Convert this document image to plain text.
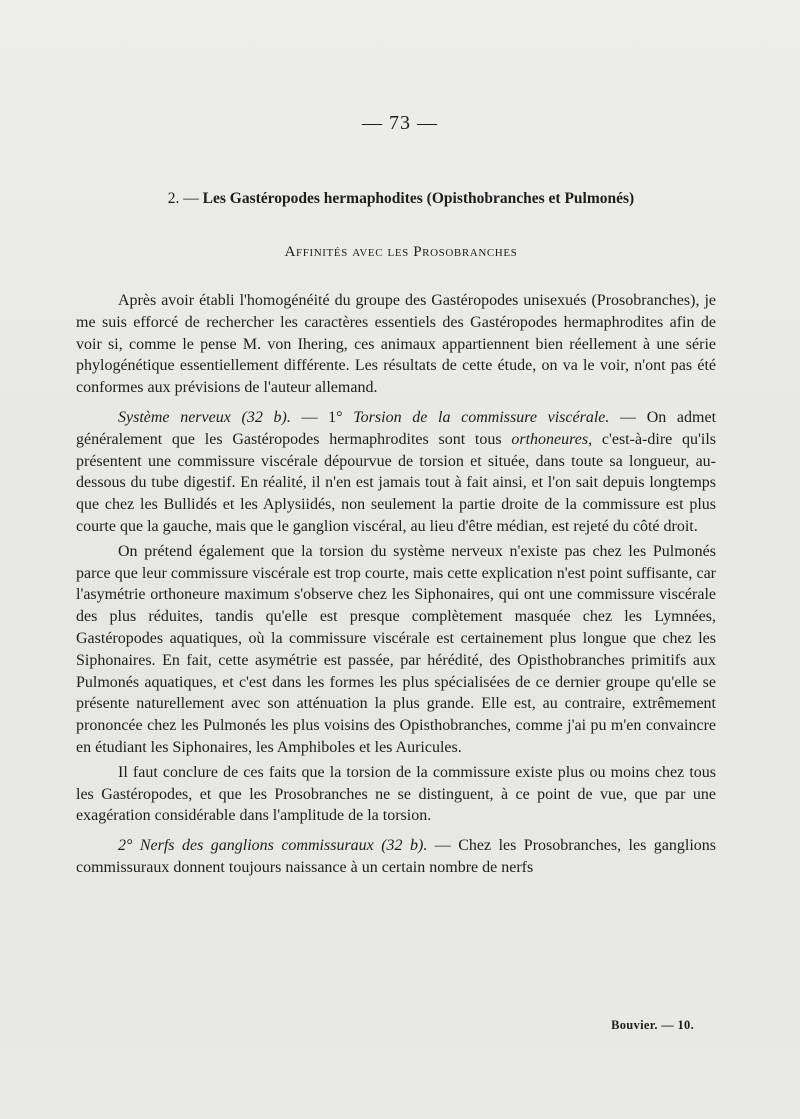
— 73 —
2. — Les Gastéropodes hermaphodites (Opisthobranches et Pulmonés)
Affinités avec les Prosobranches

Après avoir établi l'homogénéité du groupe des Gastéropodes unisexués (Prosobranches), je me suis efforcé de rechercher les caractères essentiels des Gastéropodes hermaphrodites afin de voir si, comme le pense M. von Ihering, ces animaux appartiennent bien réellement à une série phylogénétique essentiellement différente. Les résultats de cette étude, on va le voir, n'ont pas été conformes aux prévisions de l'auteur allemand.

Système nerveux (32 b). — 1° Torsion de la commissure viscérale. — On admet généralement que les Gastéropodes hermaphrodites sont tous orthoneures, c'est-à-dire qu'ils présentent une commissure viscérale dépourvue de torsion et située, dans toute sa longueur, au-dessous du tube digestif. En réalité, il n'en est jamais tout à fait ainsi, et l'on sait depuis longtemps que chez les Bullidés et les Aplysiidés, non seulement la partie droite de la commissure est plus courte que la gauche, mais que le ganglion viscéral, au lieu d'être médian, est rejeté du côté droit.

On prétend également que la torsion du système nerveux n'existe pas chez les Pulmonés parce que leur commissure viscérale est trop courte, mais cette explication n'est point suffisante, car l'asymétrie orthoneure maximum s'observe chez les Siphonaires, qui ont une commissure viscérale des plus réduites, tandis qu'elle est presque complètement masquée chez les Lymnées, Gastéropodes aquatiques, où la commissure viscérale est certainement plus longue que chez les Siphonaires. En fait, cette asymétrie est passée, par hérédité, des Opisthobranches primitifs aux Pulmonés aquatiques, et c'est dans les formes les plus spécialisées de ce dernier groupe qu'elle se présente naturellement avec son atténuation la plus grande. Elle est, au contraire, extrêmement prononcée chez les Pulmonés les plus voisins des Opisthobranches, comme j'ai pu m'en convaincre en étudiant les Siphonaires, les Amphiboles et les Auricules.

Il faut conclure de ces faits que la torsion de la commissure existe plus ou moins chez tous les Gastéropodes, et que les Prosobranches ne se distinguent, à ce point de vue, que par une exagération considérable dans l'amplitude de la torsion.

2° Nerfs des ganglions commissuraux (32 b). — Chez les Prosobranches, les ganglions commissuraux donnent toujours naissance à un certain nombre de nerfs

Bouvier. — 10.
